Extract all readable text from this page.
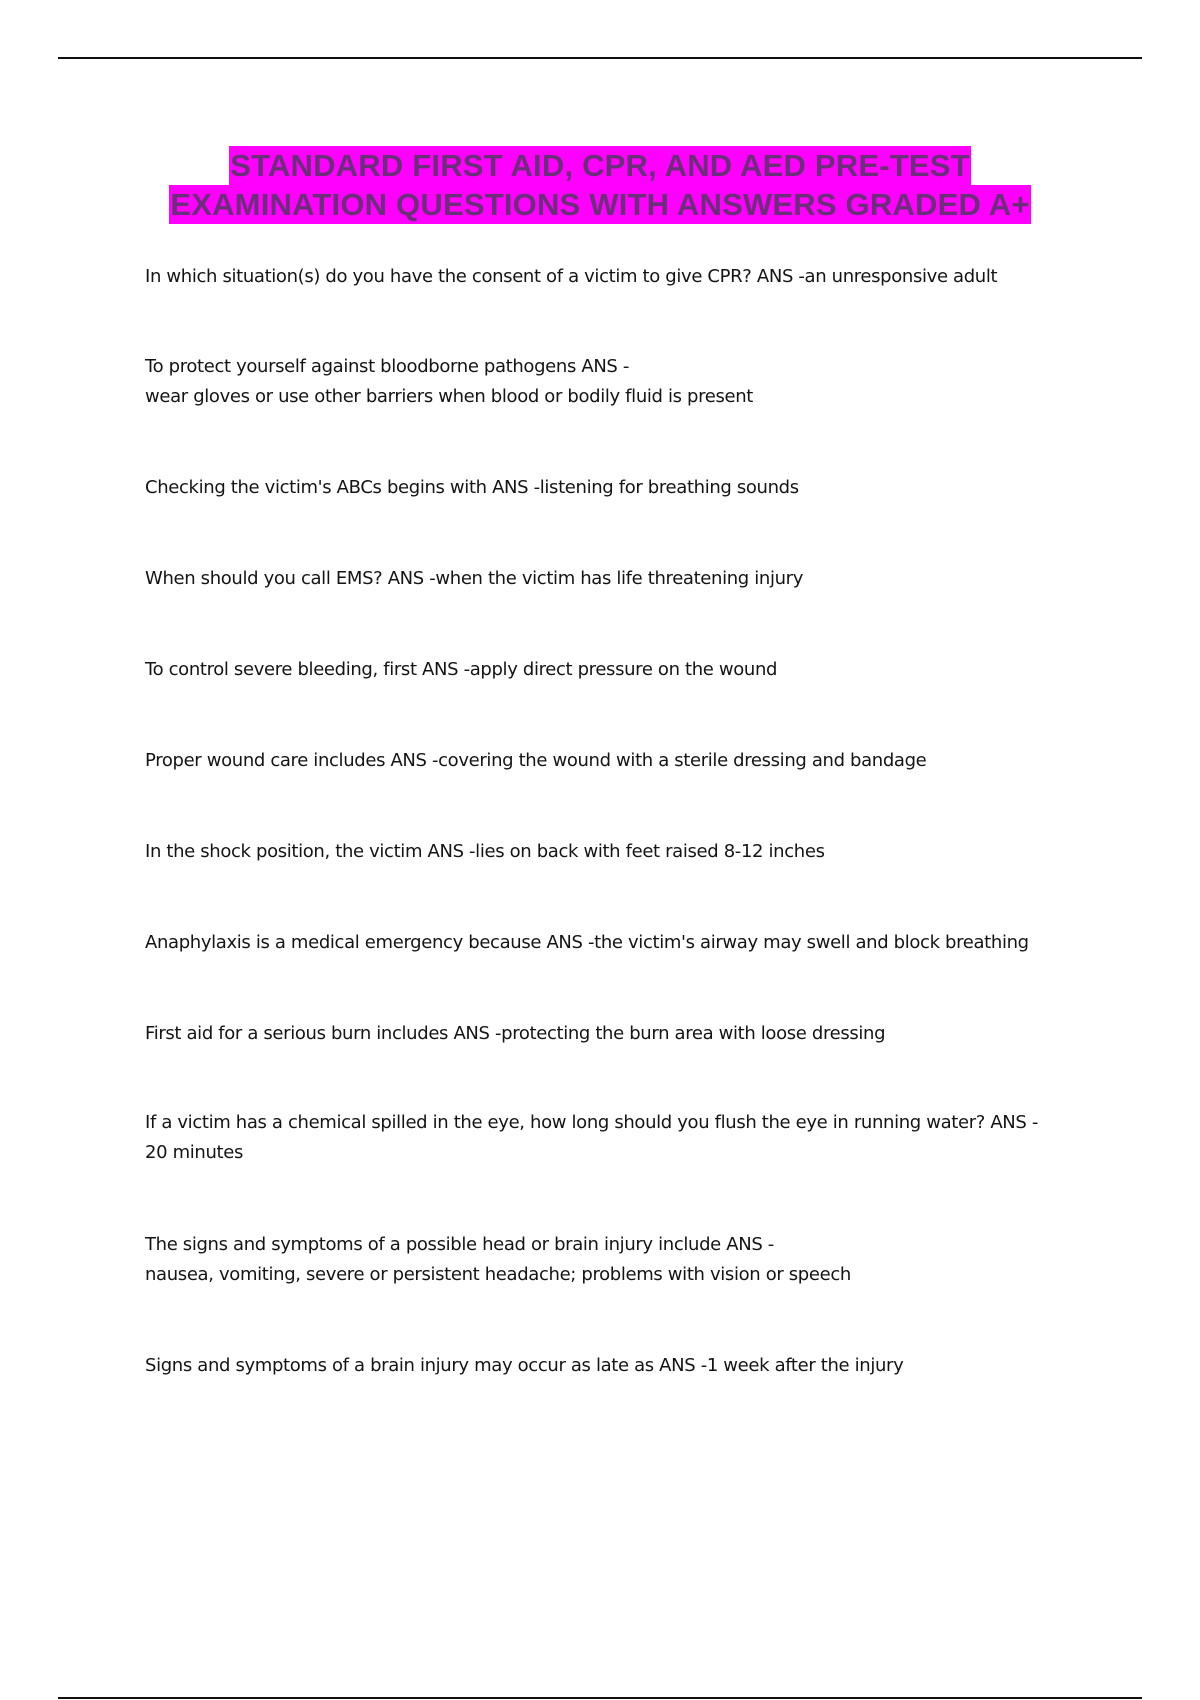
STANDARD FIRST AID, CPR, AND AED PRE-TEST
EXAMINATION QUESTIONS WITH ANSWERS GRADED A+

In which situation(s) do you have the consent of a victim to give CPR? ANS -an unresponsive adult

To protect yourself against bloodborne pathogens ANS -
wear gloves or use other barriers when blood or bodily fluid is present

Checking the victim's ABCs begins with ANS -listening for breathing sounds

When should you call EMS? ANS -when the victim has life threatening injury

To control severe bleeding, first ANS -apply direct pressure on the wound

Proper wound care includes ANS -covering the wound with a sterile dressing and bandage

In the shock position, the victim ANS -lies on back with feet raised 8-12 inches

Anaphylaxis is a medical emergency because ANS -the victim's airway may swell and block breathing

First aid for a serious burn includes ANS -protecting the burn area with loose dressing

If a victim has a chemical spilled in the eye, how long should you flush the eye in running water? ANS -
20 minutes

The signs and symptoms of a possible head or brain injury include ANS -
nausea, vomiting, severe or persistent headache; problems with vision or speech

Signs and symptoms of a brain injury may occur as late as ANS -1 week after the injury
